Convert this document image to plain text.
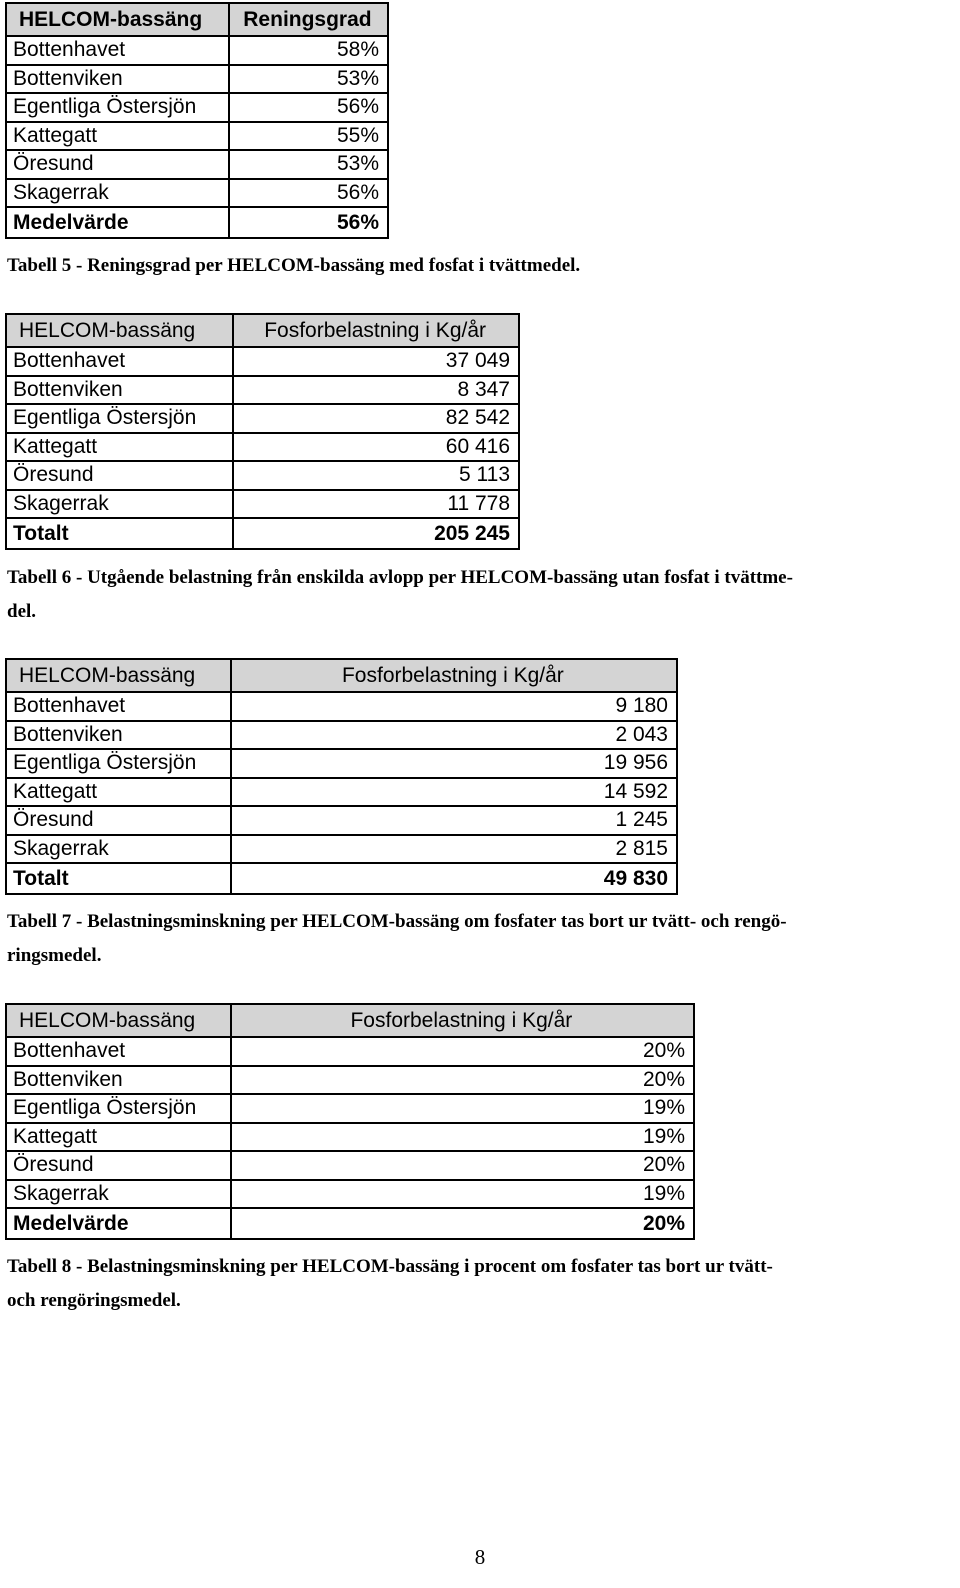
HELCOM-bassäng	Reningsgrad
Bottenhavet	58%
Bottenviken	53%
Egentliga Östersjön	56%
Kattegatt	55%
Öresund	53%
Skagerrak	56%
Medelvärde	56%

Tabell 5 - Reningsgrad per HELCOM-bassäng med fosfat i tvättmedel.

HELCOM-bassäng	Fosforbelastning i Kg/år
Bottenhavet	37 049
Bottenviken	8 347
Egentliga Östersjön	82 542
Kattegatt	60 416
Öresund	5 113
Skagerrak	11 778
Totalt	205 245

Tabell 6 - Utgående belastning från enskilda avlopp per HELCOM-bassäng utan fosfat i tvättme-

del.

HELCOM-bassäng	Fosforbelastning i Kg/år
Bottenhavet	9 180
Bottenviken	2 043
Egentliga Östersjön	19 956
Kattegatt	14 592
Öresund	1 245
Skagerrak	2 815
Totalt	49 830

Tabell 7 - Belastningsminskning per HELCOM-bassäng om fosfater tas bort ur tvätt- och rengö-

ringsmedel.

HELCOM-bassäng	Fosforbelastning i Kg/år
Bottenhavet	20%
Bottenviken	20%
Egentliga Östersjön	19%
Kattegatt	19%
Öresund	20%
Skagerrak	19%
Medelvärde	20%

Tabell 8 - Belastningsminskning per HELCOM-bassäng i procent om fosfater tas bort ur tvätt-

och rengöringsmedel.

8
